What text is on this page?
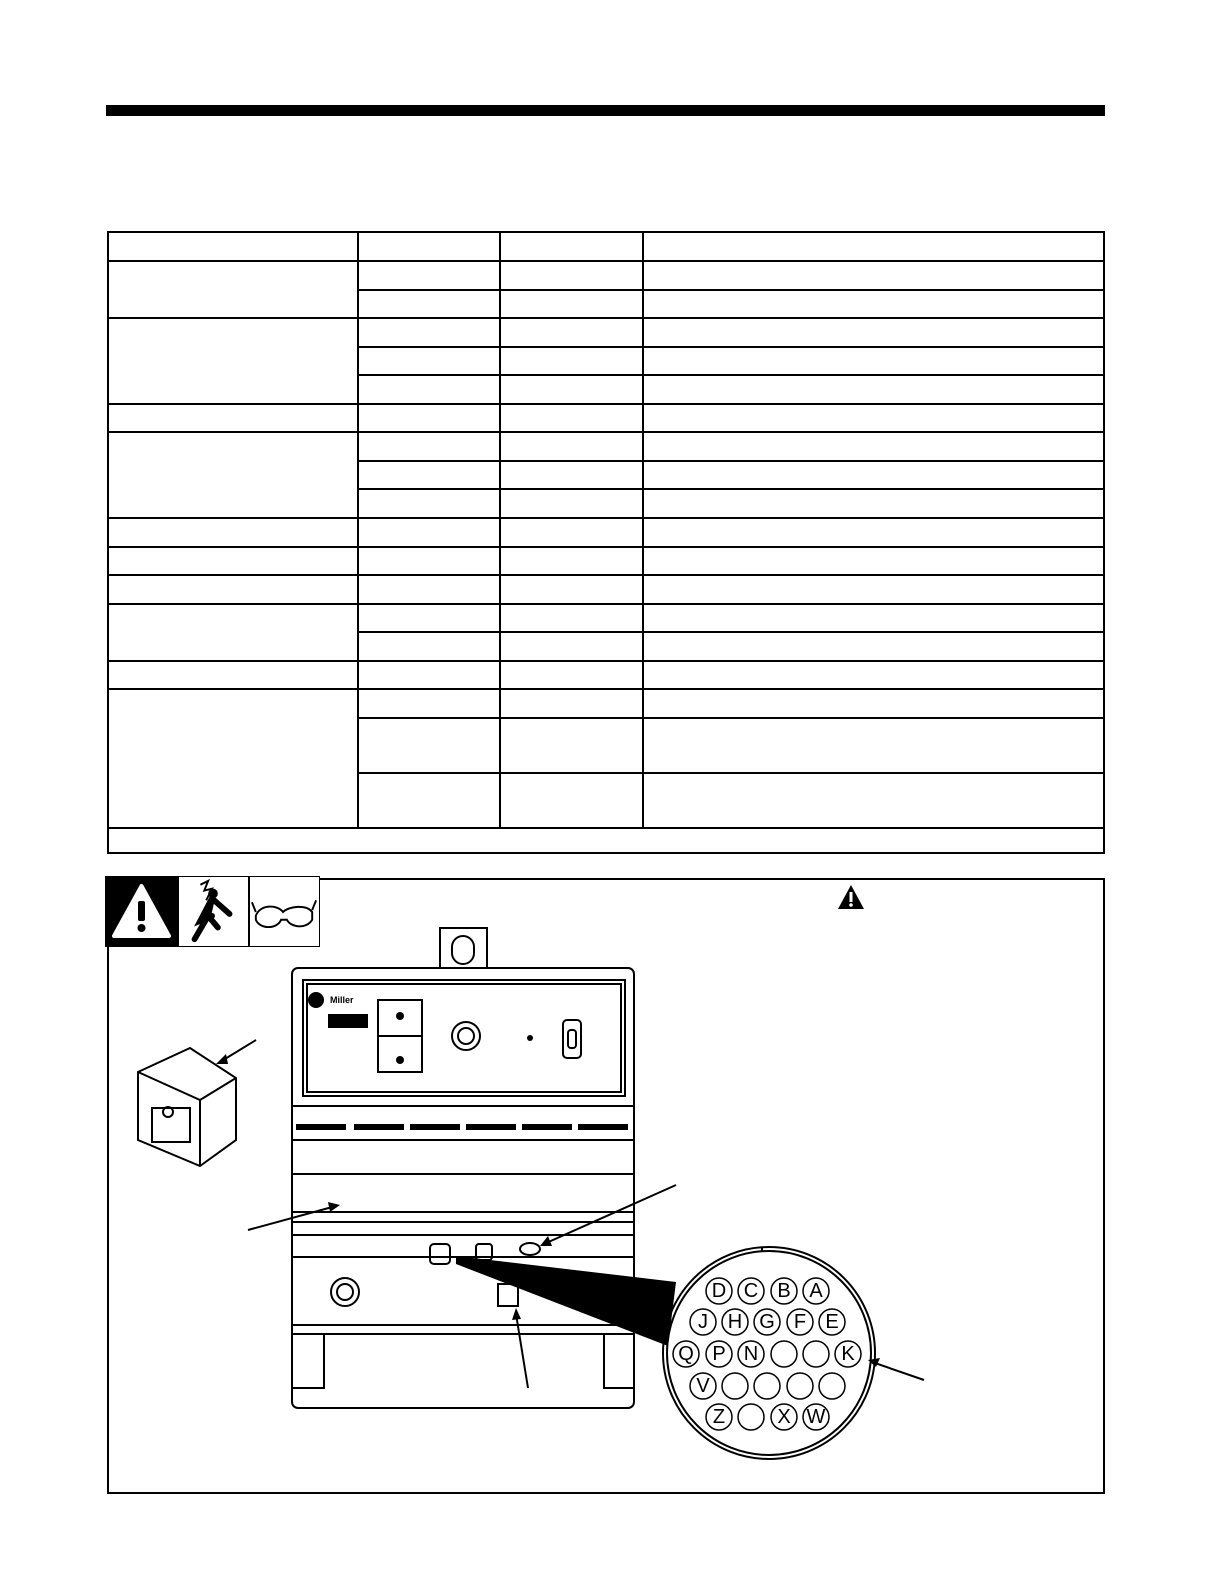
Miller
D C B A
J H G F E
Q P N	K
V
Z	X W
